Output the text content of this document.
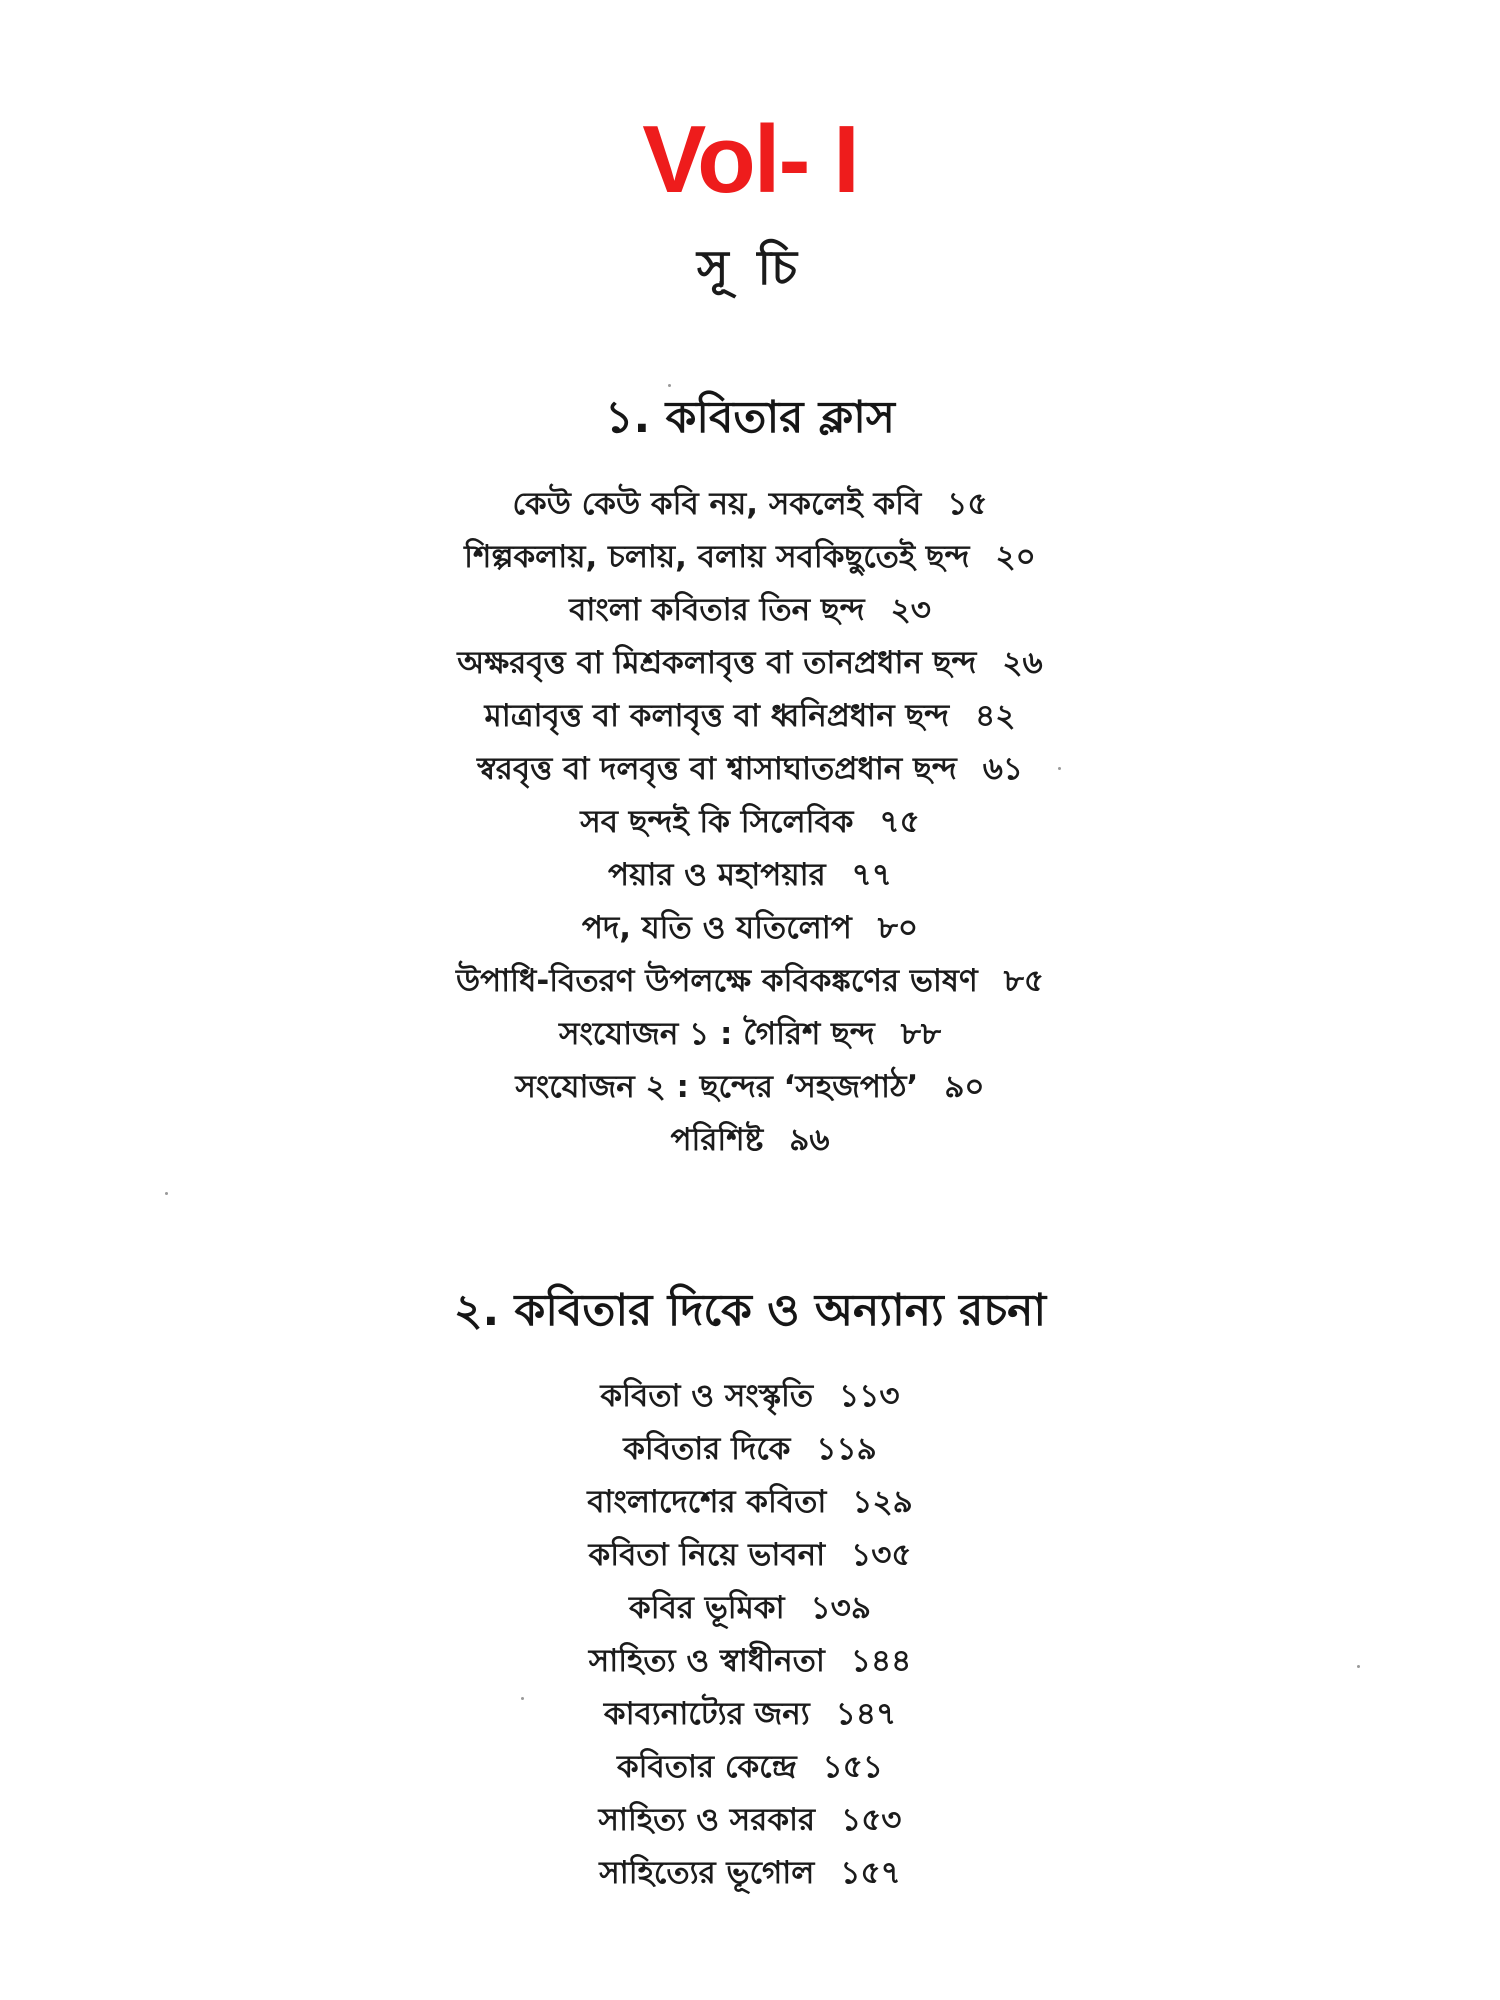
Vol- I
সূ চি
১. কবিতার ক্লাস
কেউ কেউ কবি নয়, সকলেই কবি ১৫
শিল্পকলায়, চলায়, বলায় সবকিছুতেই ছন্দ ২০
বাংলা কবিতার তিন ছন্দ ২৩
অক্ষরবৃত্ত বা মিশ্রকলাবৃত্ত বা তানপ্রধান ছন্দ ২৬
মাত্রাবৃত্ত বা কলাবৃত্ত বা ধ্বনিপ্রধান ছন্দ ৪২
স্বরবৃত্ত বা দলবৃত্ত বা শ্বাসাঘাতপ্রধান ছন্দ ৬১
সব ছন্দই কি সিলেবিক ৭৫
পয়ার ও মহাপয়ার ৭৭
পদ, যতি ও যতিলোপ ৮০
উপাধি-বিতরণ উপলক্ষে কবিকঙ্কণের ভাষণ ৮৫
সংযোজন ১ : গৈরিশ ছন্দ ৮৮
সংযোজন ২ : ছন্দের ‘সহজপাঠ’ ৯০
পরিশিষ্ট ৯৬
২. কবিতার দিকে ও অন্যান্য রচনা
কবিতা ও সংস্কৃতি ১১৩
কবিতার দিকে ১১৯
বাংলাদেশের কবিতা ১২৯
কবিতা নিয়ে ভাবনা ১৩৫
কবির ভূমিকা ১৩৯
সাহিত্য ও স্বাধীনতা ১৪৪
কাব্যনাট্যের জন্য ১৪৭
কবিতার কেন্দ্রে ১৫১
সাহিত্য ও সরকার ১৫৩
সাহিত্যের ভূগোল ১৫৭
